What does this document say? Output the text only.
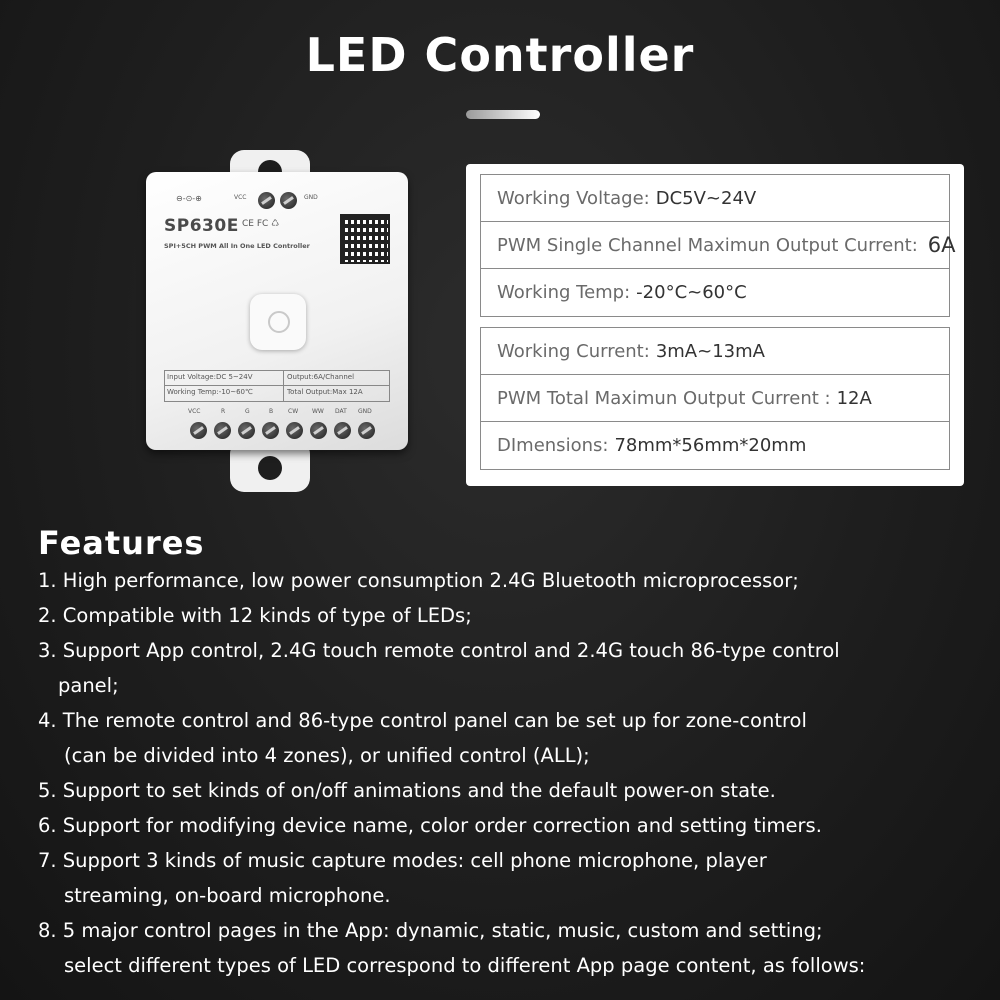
LED Controller
⊖-⊙-⊕	VCC	GND
SP630E CE FC ♺
SPI+5CH PWM All In One LED Controller
Input Voltage:DC 5~24V	Output:6A/Channel
Working Temp:-10~60℃	Total Output:Max 12A
VCC	R	G	B CW WW DAT GND
Working Voltage: DC5V~24V
PWM Single Channel Maximun Output Current: 6A
Working Temp: -20°C~60°C
Working Current: 3mA~13mA
PWM Total Maximun Output Current : 12A
DImensions: 78mm*56mm*20mm
Features
1. High performance, low power consumption 2.4G Bluetooth microprocessor;
2. Compatible with 12 kinds of type of LEDs;
3. Support App control, 2.4G touch remote control and 2.4G touch 86-type control
panel;
4. The remote control and 86-type control panel can be set up for zone-control
(can be divided into 4 zones), or unified control (ALL);
5. Support to set kinds of on/off animations and the default power-on state.
6. Support for modifying device name, color order correction and setting timers.
7. Support 3 kinds of music capture modes: cell phone microphone, player
streaming, on-board microphone.
8. 5 major control pages in the App: dynamic, static, music, custom and setting;
select different types of LED correspond to different App page content, as follows:
